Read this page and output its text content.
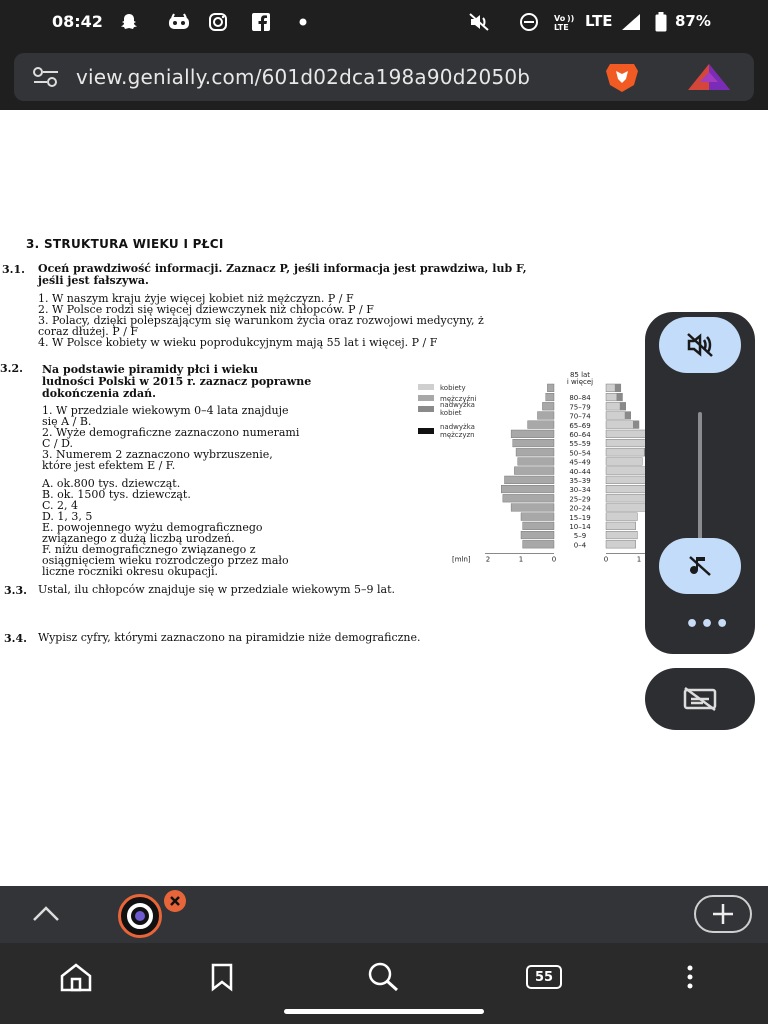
08:42	Vo
LTE
)) LTE	87%
view.genially.com/601d02dca198a90d2050b
3. STRUKTURA WIEKU I PŁCI
3.1. Oceń prawdziwość informacji. Zaznacz P, jeśli informacja jest prawdziwa, lub F,
jeśli jest fałszywa.
1. W naszym kraju żyje więcej kobiet niż mężczyzn. P / F
2. W Polsce rodzi się więcej dziewczynek niż chłopców. P / F
3. Polacy, dzięki polepszającym się warunkom życia oraz rozwojowi medycyny, ż
coraz dłużej. P / F
4. W Polsce kobiety w wieku poprodukcyjnym mają 55 lat i więcej. P / F
3.2. Na podstawie piramidy płci i wieku
ludności Polski w 2015 r. zaznacz poprawne
dokończenia zdań.
1. W przedziale wiekowym 0–4 lata znajduje
się A / B.
2. Wyże demograficzne zaznaczono numerami
C / D.
3. Numerem 2 zaznaczono wybrzuszenie,
które jest efektem E / F.
A. ok.800 tys. dziewcząt.
B. ok. 1500 tys. dziewcząt.
C. 2, 4
D. 1, 3, 5
E. powojennego wyżu demograficznego
związanego z dużą liczbą urodzeń.
F. niżu demograficznego związanego z
osiągnięciem wieku rozrodczego przez mało
liczne roczniki okresu okupacji.
kobiety
mężczyźni
nadwyżka
kobiet
nadwyżka
mężczyzn
80–84
75–79
70–74
65–69
60–64
55–59
50–54
45–49
40–44
35–39
30–34
25–29
20–24
15–19
10–14
5–9
0–4
85 lat
i więcej
[mln] 2	1	0	0	1
3.3. Ustal, ilu chłopców znajduje się w przedziale wiekowym 5–9 lat.
3.4. Wypisz cyfry, którymi zaznaczono na piramidzie niże demograficzne.
•••
55
